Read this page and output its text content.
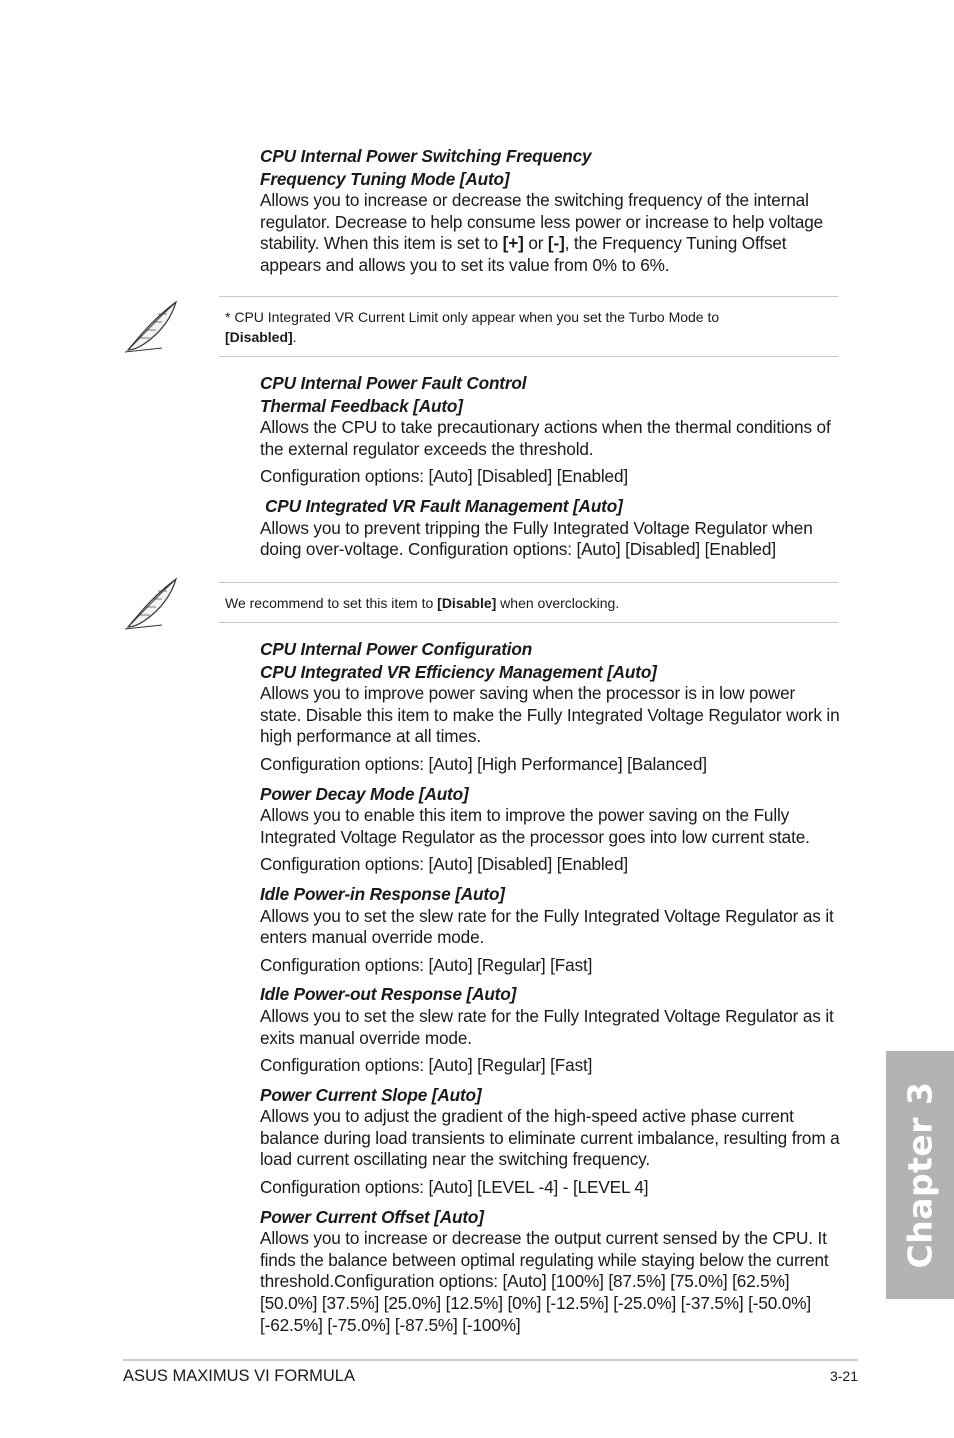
CPU Internal Power Switching Frequency

Frequency Tuning Mode [Auto]

Allows you to increase or decrease the switching frequency of the internal regulator. Decrease to help consume less power or increase to help voltage stability. When this item is set to [+] or [-], the Frequency Tuning Offset appears and allows you to set its value from 0% to 6%.

* CPU Integrated VR Current Limit only appear when you set the Turbo Mode to
[Disabled].

CPU Internal Power Fault Control

Thermal Feedback [Auto]

Allows the CPU to take precautionary actions when the thermal conditions of the external regulator exceeds the threshold.

Configuration options: [Auto] [Disabled] [Enabled]

CPU Integrated VR Fault Management [Auto]

Allows you to prevent tripping the Fully Integrated Voltage Regulator when doing over-voltage. Configuration options: [Auto] [Disabled] [Enabled]

We recommend to set this item to [Disable] when overclocking.

CPU Internal Power Configuration

CPU Integrated VR Efficiency Management [Auto]

Allows you to improve power saving when the processor is in low power state. Disable this item to make the Fully Integrated Voltage Regulator work in high performance at all times.

Configuration options: [Auto] [High Performance] [Balanced]

Power Decay Mode [Auto]

Allows you to enable this item to improve the power saving on the Fully Integrated Voltage Regulator as the processor goes into low current state.

Configuration options: [Auto] [Disabled] [Enabled]

Idle Power-in Response [Auto]

Allows you to set the slew rate for the Fully Integrated Voltage Regulator as it enters manual override mode.

Configuration options: [Auto] [Regular] [Fast]

Idle Power-out Response [Auto]

Allows you to set the slew rate for the Fully Integrated Voltage Regulator as it exits manual override mode.

Configuration options: [Auto] [Regular] [Fast]

Power Current Slope [Auto]

Allows you to adjust the gradient of the high-speed active phase current balance during load transients to eliminate current imbalance, resulting from a load current oscillating near the switching frequency.

Configuration options: [Auto] [LEVEL -4] - [LEVEL 4]

Power Current Offset [Auto]

Allows you to increase or decrease the output current sensed by the CPU. It finds the balance between optimal regulating while staying below the current threshold.Configuration options: [Auto] [100%] [87.5%] [75.0%] [62.5%] [50.0%] [37.5%] [25.0%] [12.5%] [0%] [-12.5%] [-25.0%] [-37.5%] [-50.0%] [-62.5%] [-75.0%] [-87.5%] [-100%]

Chapter 3
ASUS MAXIMUS VI FORMULA	3-21
